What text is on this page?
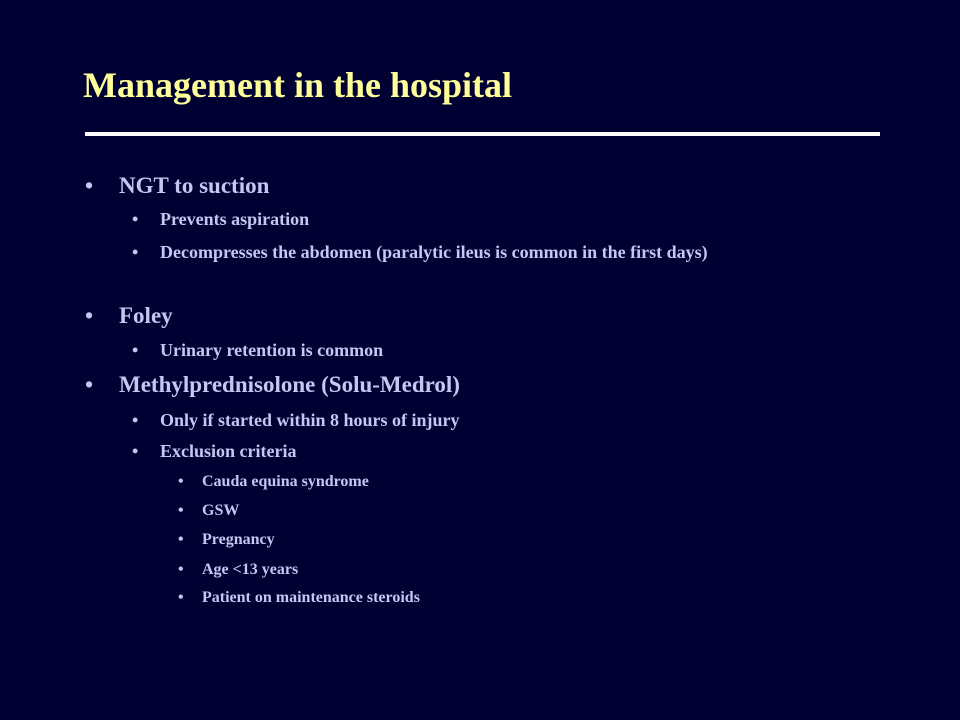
Management in the hospital
• NGT to suction
• Prevents aspiration
• Decompresses the abdomen (paralytic ileus is common in the first days)
• Foley
• Urinary retention is common
• Methylprednisolone (Solu-Medrol)
• Only if started within 8 hours of injury
• Exclusion criteria
• Cauda equina syndrome
• GSW
• Pregnancy
• Age <13 years
• Patient on maintenance steroids
